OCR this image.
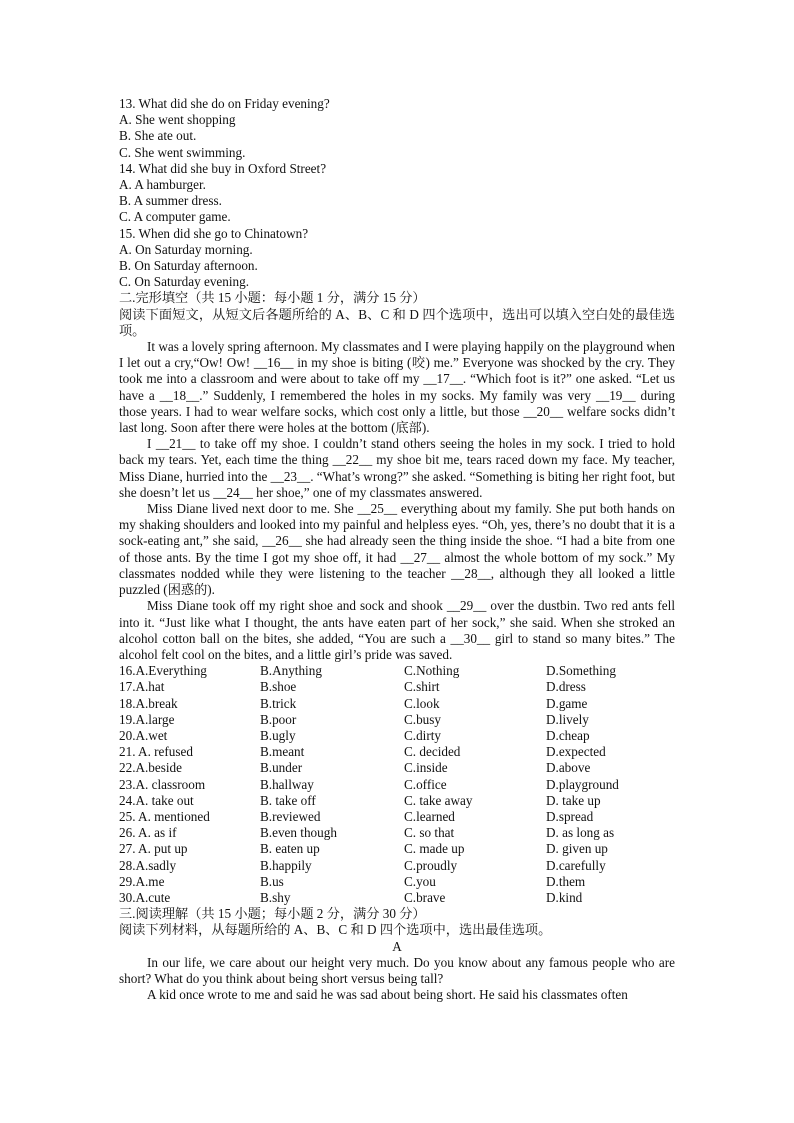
13. What did she do on Friday evening?
A. She went shopping
B. She ate out.
C. She went swimming.
14. What did she buy in Oxford Street?
A. A hamburger.
B. A summer dress.
C. A computer game.
15. When did she go to Chinatown?
A. On Saturday morning.
B. On Saturday afternoon.
C. On Saturday evening.
二.完形填空（共 15 小题：每小题 1 分，满分 15 分）

阅读下面短文，从短文后各题所给的 A、B、C 和 D 四个选项中，选出可以填入空白处的最佳选项。

It was a lovely spring afternoon. My classmates and I were playing happily on the playground when I let out a cry,“Ow! Ow! __16__ in my shoe is biting (咬) me.” Everyone was shocked by the cry. They took me into a classroom and were about to take off my __17__. “Which foot is it?” one asked. “Let us have a __18__.” Suddenly, I remembered the holes in my socks. My family was very __19__ during those years. I had to wear welfare socks, which cost only a little, but those __20__ welfare socks didn’t last long. Soon after there were holes at the bottom (底部).

I __21__ to take off my shoe. I couldn’t stand others seeing the holes in my sock. I tried to hold back my tears. Yet, each time the thing __22__ my shoe bit me, tears raced down my face. My teacher, Miss Diane, hurried into the __23__. “What’s wrong?” she asked. “Something is biting her right foot, but she doesn’t let us __24__ her shoe,” one of my classmates answered.

Miss Diane lived next door to me. She __25__ everything about my family. She put both hands on my shaking shoulders and looked into my painful and helpless eyes. “Oh, yes, there’s no doubt that it is a sock-eating ant,” she said, __26__ she had already seen the thing inside the shoe. “I had a bite from one of those ants. By the time I got my shoe off, it had __27__ almost the whole bottom of my sock.” My classmates nodded while they were listening to the teacher __28__, although they all looked a little puzzled (困惑的).

Miss Diane took off my right shoe and sock and shook __29__ over the dustbin. Two red ants fell into it. “Just like what I thought, the ants have eaten part of her sock,” she said. When she stroked an alcohol cotton ball on the bites, she added, “You are such a __30__ girl to stand so many bites.” The alcohol felt cool on the bites, and a little girl’s pride was saved.

16.A.Everything	B.Anything	C.Nothing	D.Something
17.A.hat	B.shoe	C.shirt	D.dress
18.A.break	B.trick	C.look	D.game
19.A.large	B.poor	C.busy	D.lively
20.A.wet	B.ugly	C.dirty	D.cheap
21. A. refused	B.meant	C. decided	D.expected
22.A.beside	B.under	C.inside	D.above
23.A. classroom	B.hallway	C.office	D.playground
24.A. take out	B. take off	C. take away	D. take up
25. A. mentioned	B.reviewed	C.learned	D.spread
26. A. as if	B.even though	C. so that	D. as long as
27. A. put up	B. eaten up	C. made up	D. given up
28.A.sadly	B.happily	C.proudly	D.carefully
29.A.me	B.us	C.you	D.them
30.A.cute	B.shy	C.brave	D.kind
三.阅读理解（共 15 小题；每小题 2 分，满分 30 分）
阅读下列材料，从每题所给的 A、B、C 和 D 四个选项中，选出最佳选项。
A

In our life, we care about our height very much. Do you know about any famous people who are short? What do you think about being short versus being tall?

A kid once wrote to me and said he was sad about being short. He said his classmates often
